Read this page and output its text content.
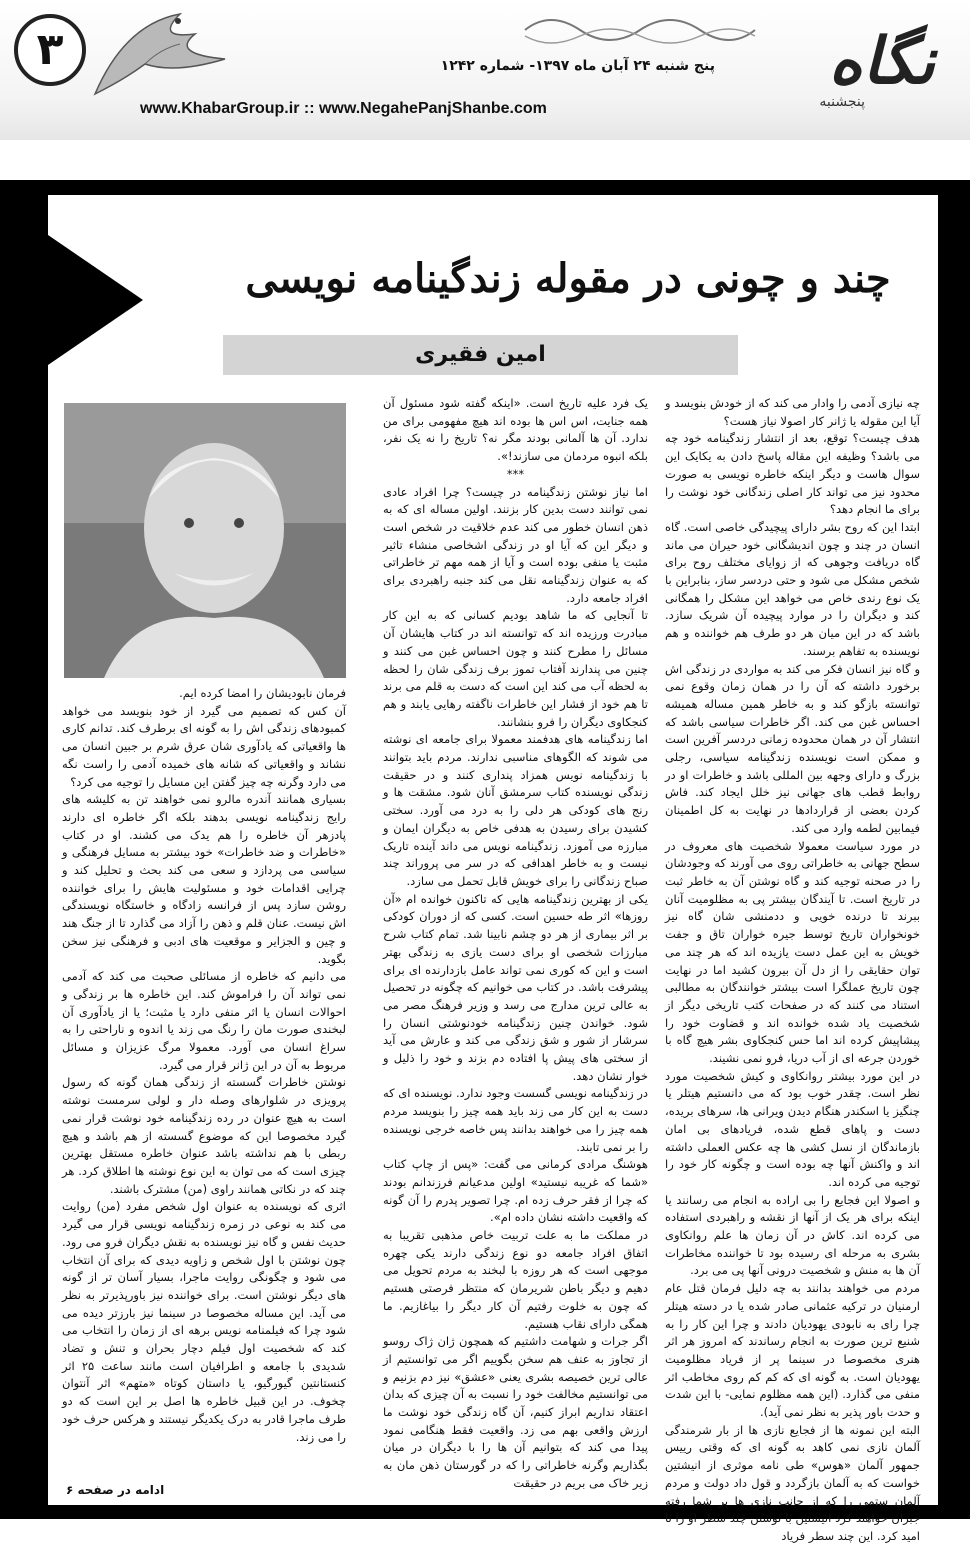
۳	نگاه
پنجشنبه
پنج شنبه ۲۴ آبان ماه ۱۳۹۷- شماره ۱۲۴۲
www.KhabarGroup.ir :: www.NegahePanjShanbe.com
چند و چونی در مقوله زندگینامه نویسی
امین فقیری

چه نیازی آدمی را وادار می کند که از خودش بنویسد و آیا این مقوله یا ژانر کار اصولا نیاز هست؟

هدف چیست؟ توقع، بعد از انتشار زندگینامه خود چه می باشد؟ وظیفه این مقاله پاسخ دادن به یکایک این سوال هاست و دیگر اینکه خاطره نویسی به صورت محدود نیز می تواند کار اصلی زندگانی خود نوشت را برای ما انجام دهد؟

ابتدا این که روح بشر دارای پیچیدگی خاصی است. گاه انسان در چند و چون اندیشگانی خود حیران می ماند گاه دریافت وجوهی که از زوایای مختلف روح برای شخص مشکل می شود و حتی دردسر ساز، بنابراین با یک نوع رندی خاص می خواهد این مشکل را همگانی کند و دیگران را در موارد پیچیده آن شریک سازد. باشد که در این میان هر دو طرف هم خواننده و هم نویسنده به تفاهم برسند.

و گاه نیز انسان فکر می کند به مواردی در زندگی اش برخورد داشته که آن را در همان زمان وقوع نمی توانسته بازگو کند و به خاطر همین مساله همیشه احساس غبن می کند. اگر خاطرات سیاسی باشد که انتشار آن در همان محدوده زمانی دردسر آفرین است و ممکن است نویسنده زندگینامه سیاسی، رجلی بزرگ و دارای وجهه بین المللی باشد و خاطرات او در روابط قطب های جهانی نیز خلل ایجاد کند. فاش کردن بعضی از قراردادها در نهایت به کل اطمینان فیمابین لطمه وارد می کند.

در مورد سیاست معمولا شخصیت های معروف در سطح جهانی به خاطراتی روی می آورند که وجودشان را در صحنه توجیه کند و گاه نوشتن آن به خاطر ثبت در تاریخ است. تا آیندگان بیشتر پی به مظلومیت آنان ببرند تا درنده خویی و ددمنشی شان گاه نیز خونخواران تاریخ توسط جیره خواران تاق و جفت خویش به این عمل دست یازیده اند که هر چند می توان حقایقی را از دل آن بیرون کشید اما در نهایت چون تاریخ عملگرا است بیشتر خوانندگان به مطالبی استناد می کنند که در صفحات کتب تاریخی دیگر از شخصیت یاد شده خوانده اند و قضاوت خود را پیشاپیش کرده اند اما حس کنجکاوی بشر هیچ گاه با خوردن جرعه ای از آب دریا، فرو نمی نشیند.

در این مورد بیشتر روانکاوی و کیش شخصیت مورد نظر است. چقدر خوب بود که می دانستیم هیتلر یا چنگیز یا اسکندر هنگام دیدن ویرانی ها، سرهای بریده، دست و پاهای قطع شده، فریادهای بی امان بازماندگان از نسل کشی ها چه عکس العملی داشته اند و واکنش آنها چه بوده است و چگونه کار خود را توجیه می کرده اند.

و اصولا این فجایع را بی اراده به انجام می رسانند یا اینکه برای هر یک از آنها از نقشه و راهبردی استفاده می کرده اند. کاش در آن زمان ها علم روانکاوی بشری به مرحله ای رسیده بود تا خواننده مخاطرات آن ها به منش و شخصیت درونی آنها پی می برد.

مردم می خواهند بدانند به چه دلیل فرمان قتل عام ارمنیان در ترکیه عثمانی صادر شده یا در دسته هیتلر چرا رای به نابودی یهودیان دادند و چرا این کار را به شنیع ترین صورت به انجام رساندند که امروز هر اثر هنری مخصوصا در سینما پر از فریاد مظلومیت یهودیان است. به گونه ای که کم کم روی مخاطب اثر منفی می گذارد. (این همه مظلوم نمایی- با این شدت و حدت باور پذیر به نظر نمی آید).

البته این نمونه ها از فجایع نازی ها از بار شرمندگی آلمان نازی نمی کاهد به گونه ای که وقتی رییس جمهور آلمان «هوس» طی نامه موثری از انیشتین خواست که به آلمان بازگردد و قول داد دولت و مردم آلمان ستمی را که از جانب نازی ها بر شما رفته جبران خواهند کرد انیشتین با نوشتن چند سطر او را نا امید کرد. این چند سطر فریاد

یک فرد علیه تاریخ است. «اینکه گفته شود مسئول آن همه جنایت، اس اس ها بوده اند هیچ مفهومی برای من ندارد. آن ها آلمانی بودند مگر نه؟ تاریخ را نه یک نفر، بلکه انبوه مردمان می سازند!».

***

اما نیاز نوشتن زندگینامه در چیست؟ چرا افراد عادی نمی توانند دست بدین کار بزنند. اولین مساله ای که به ذهن انسان خطور می کند عدم خلاقیت در شخص است و دیگر این که آیا او در زندگی اشخاصی منشاء تاثیر مثبت یا منفی بوده است و آیا از همه مهم تر خاطراتی که به عنوان زندگینامه نقل می کند جنبه راهبردی برای افراد جامعه دارد.

تا آنجایی که ما شاهد بودیم کسانی که به این کار مبادرت ورزیده اند که توانسته اند در کتاب هایشان آن مسائل را مطرح کنند و چون احساس غبن می کنند و چنین می پندارند آفتاب تموز برف زندگی شان را لحظه به لحظه آب می کند این است که دست به قلم می برند تا هم خود از فشار این خاطرات ناگفته رهایی یابند و هم کنجکاوی دیگران را فرو بنشانند.

اما زندگینامه های هدفمند معمولا برای جامعه ای نوشته می شوند که الگوهای مناسبی ندارند. مردم باید بتوانند با زندگینامه نویس همزاد پنداری کنند و در حقیقت زندگی نویسنده کتاب سرمشق آنان شود. مشقت ها و رنج های کودکی هر دلی را به درد می آورد. سختی کشیدن برای رسیدن به هدفی خاص به دیگران ایمان و مبارزه می آموزد. زندگینامه نویس می داند آینده تاریک نیست و به خاطر اهدافی که در سر می پروراند چند صباح زندگانی را برای خویش قابل تحمل می سازد.

یکی از بهترین زندگینامه هایی که تاکنون خوانده ام «آن روزها» اثر طه حسین است. کسی که از دوران کودکی بر اثر بیماری از هر دو چشم نابینا شد. تمام کتاب شرح مبارزات شخصی او برای دست یازی به زندگی بهتر است و این که کوری نمی تواند عامل بازدارنده ای برای پیشرفت باشد. در کتاب می خوانیم که چگونه در تحصیل به عالی ترین مدارج می رسد و وزیر فرهنگ مصر می شود. خواندن چنین زندگینامه خودنوشتی انسان را سرشار از شور و شق زندگی می کند و عارش می آید از سختی های پیش پا افتاده دم بزند و خود را ذلیل و خوار نشان دهد.

در زندگینامه نویسی گسست وجود ندارد. نویسنده ای که دست به این کار می زند باید همه چیز را بنویسد مردم همه چیز را می خواهند بدانند پس خاصه خرجی نویسنده را بر نمی تابند.

هوشنگ مرادی کرمانی می گفت: «پس از چاپ کتاب «شما که غریبه نیستید» اولین مدعیانم فرزندانم بودند که چرا از فقر حرف زده ام. چرا تصویر پدرم را آن گونه که واقعیت داشته نشان داده ام».

در مملکت ما به علت تربیت خاص مذهبی تقریبا به اتفاق افراد جامعه دو نوع زندگی دارند یکی چهره موجهی است که هر روزه با لبخند به مردم تحویل می دهیم و دیگر باطن شریرمان که منتظر فرصتی هستیم که چون به خلوت رفتیم آن کار دیگر را بیاغازیم. ما همگی دارای نقاب هستیم.

اگر جرات و شهامت داشتیم که همچون ژان ژاک روسو از تجاوز به عنف هم سخن بگوییم اگر می توانستیم از عالی ترین خصیصه بشری یعنی «عشق» نیز دم بزنیم و می توانستیم مخالفت خود را نسبت به آن چیزی که بدان اعتقاد نداریم ابراز کنیم، آن گاه زندگی خود نوشت ما ارزش واقعی بهم می زد. واقعیت فقط هنگامی نمود پیدا می کند که بتوانیم آن ها را با دیگران در میان بگذاریم وگرنه خاطراتی را که در گورستان ذهن مان به زیر خاک می بریم در حقیقت

فرمان نابودیشان را امضا کرده ایم.

آن کس که تصمیم می گیرد از خود بنویسد می خواهد کمبودهای زندگی اش را به گونه ای برطرف کند. تدانم کاری ها واقعیاتی که یادآوری شان عرق شرم بر جبین انسان می نشاند و واقعیاتی که شانه های خمیده آدمی را راست نگه می دارد وگرنه چه چیز گفتن این مسایل را توجیه می کرد؟

بسیاری همانند آندره مالرو نمی خواهند تن به کلیشه های رایج زندگینامه نویسی بدهند بلکه اگر خاطره ای دارند پادزهر آن خاطره را هم یدک می کشند. او در کتاب «خاطرات و ضد خاطرات» خود بیشتر به مسایل فرهنگی و سیاسی می پردازد و سعی می کند بحث و تحلیل کند و چرایی اقدامات خود و مسئولیت هایش را برای خواننده روشن سازد پس از فرانسه زادگاه و خاستگاه نویسندگی اش نیست. عنان قلم و ذهن را آزاد می گذارد تا از جنگ هند و چین و الجزایر و موقعیت های ادبی و فرهنگی نیز سخن بگوید.

می دانیم که خاطره از مسائلی صحبت می کند که آدمی نمی تواند آن را فراموش کند. این خاطره ها بر زندگی و احوالات انسان یا اثر منفی دارد یا مثبت؛ یا از یادآوری آن لبخندی صورت مان را رنگ می زند یا اندوه و ناراحتی را به سراغ انسان می آورد. معمولا مرگ عزیزان و مسائل مربوط به آن در این ژانر قرار می گیرد.

نوشتن خاطرات گسسته از زندگی همان گونه که رسول پرویزی در شلوارهای وصله دار و لولی سرمست نوشته است به هیچ عنوان در رده زندگینامه خود نوشت قرار نمی گیرد مخصوصا این که موضوع گسسته از هم باشد و هیچ ربطی با هم نداشته باشد عنوان خاطره مستقل بهترین چیزی است که می توان به این نوع نوشته ها اطلاق کرد. هر چند که در نکاتی همانند راوی (من) مشترک باشند.

اثری که نویسنده به عنوان اول شخص مفرد (من) روایت می کند به نوعی در زمره زندگینامه نویسی قرار می گیرد حدیث نفس و گاه نیز نویسنده به نقش دیگران فرو می رود. چون نوشتن با اول شخص و زاویه دیدی که برای آن انتخاب می شود و چگونگی روایت ماجرا، بسیار آسان تر از گونه های دیگر نوشتن است. برای خواننده نیز باورپذیرتر به نظر می آید. این مساله مخصوصا در سینما نیز بارزتر دیده می شود چرا که فیلمنامه نویس برهه ای از زمان را انتخاب می کند که شخصیت اول فیلم دچار بحران و تنش و تضاد شدیدی با جامعه و اطرافیان است مانند ساعت ۲۵ اثر کنستانتین گیورگیو، یا داستان کوتاه «متهم» اثر آنتوان چخوف. در این قبیل خاطره ها اصل بر این است که دو طرف ماجرا قادر به درک یکدیگر نیستند و هرکس حرف خود را می زند.

ادامه در صفحه ۶
